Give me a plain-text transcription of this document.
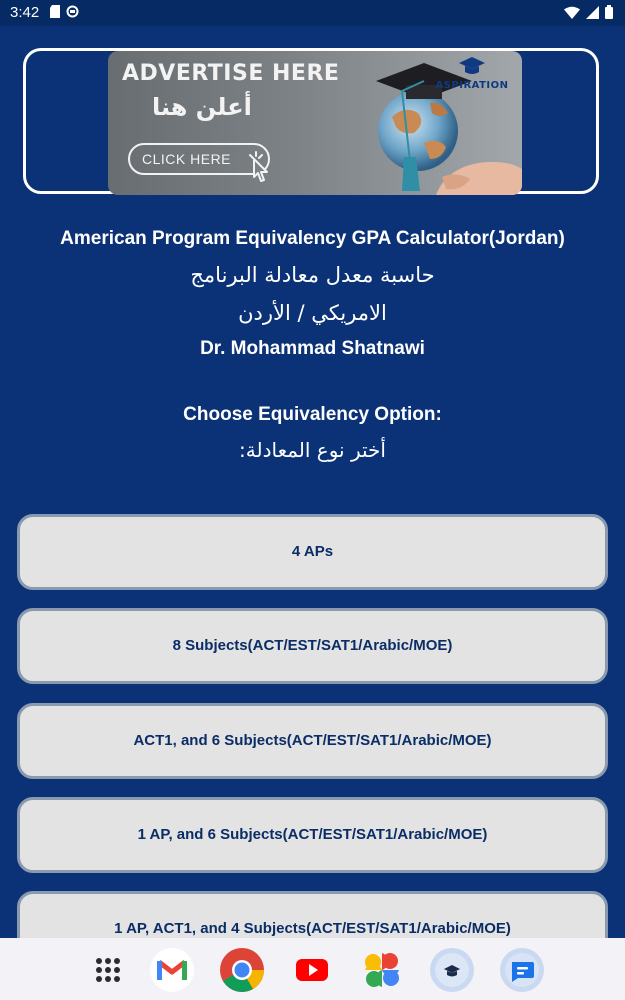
3:42
ADVERTISE HERE
أعلن هنا
CLICK HERE
ASPIRATION
American Program Equivalency GPA Calculator(Jordan)
حاسبة معدل معادلة البرنامج
الامريكي / الأردن
Dr. Mohammad Shatnawi
Choose Equivalency Option:
أختر نوع المعادلة:
4 APs
8 Subjects(ACT/EST/SAT1/Arabic/MOE)
ACT1, and 6 Subjects(ACT/EST/SAT1/Arabic/MOE)
1 AP, and 6 Subjects(ACT/EST/SAT1/Arabic/MOE)
1 AP, ACT1, and 4 Subjects(ACT/EST/SAT1/Arabic/MOE)
